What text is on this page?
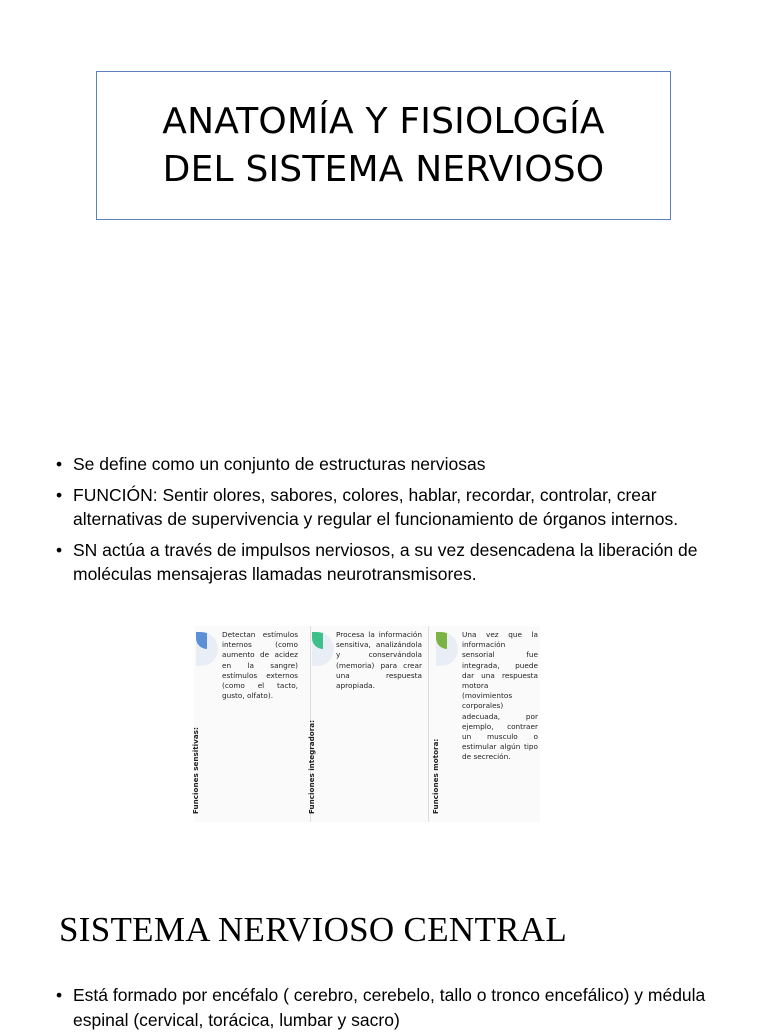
ANATOMÍA Y FISIOLOGÍA
DEL SISTEMA NERVIOSO
• Se define como un conjunto de estructuras nerviosas
• FUNCIÓN: Sentir olores, sabores, colores, hablar, recordar, controlar, crear alternativas de supervivencia y regular el funcionamiento de órganos internos.
• SN actúa a través de impulsos nerviosos, a su vez desencadena la liberación de moléculas mensajeras llamadas neurotransmisores.
Funciones sensitivas:
Detectan estímulos internos (como aumento de acidez en la sangre) estímulos externos (como el tacto, gusto, olfato).
Funciones integradora:
Procesa la información sensitiva, analizándola y conservándola (memoria) para crear una respuesta apropiada.
Funciones motora:
Una vez que la información sensorial fue integrada, puede dar una respuesta motora (movimientos corporales) adecuada, por ejemplo, contraer un musculo o estimular algún tipo de secreción.
SISTEMA NERVIOSO CENTRAL
• Está formado por encéfalo ( cerebro, cerebelo, tallo o tronco encefálico) y médula espinal (cervical, torácica, lumbar y sacro)
